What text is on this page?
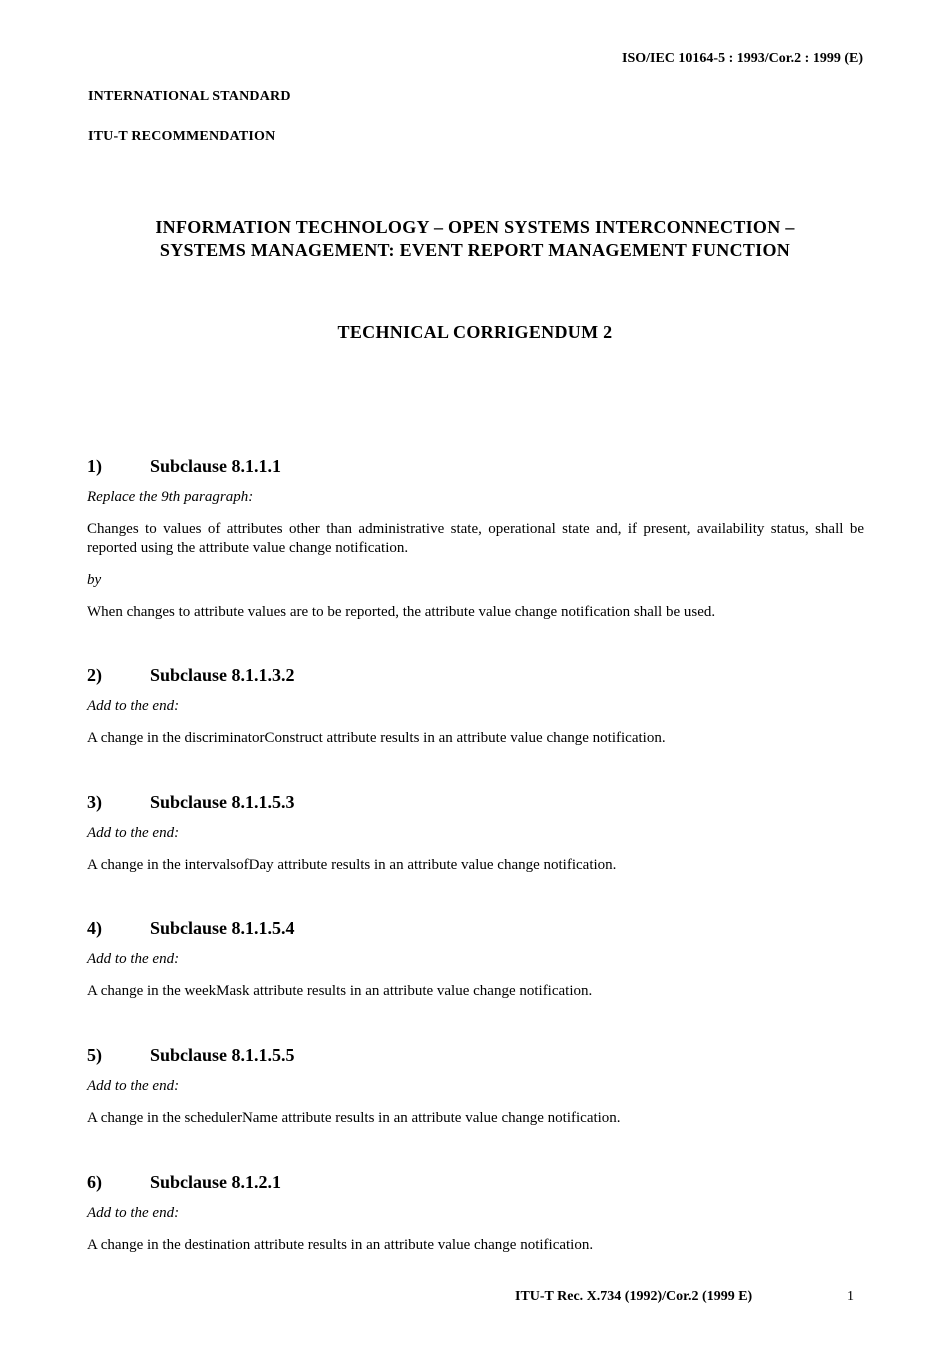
ISO/IEC 10164-5 : 1993/Cor.2 : 1999 (E)
INTERNATIONAL STANDARD
ITU-T RECOMMENDATION
INFORMATION TECHNOLOGY – OPEN SYSTEMS INTERCONNECTION –
SYSTEMS MANAGEMENT: EVENT REPORT MANAGEMENT FUNCTION
TECHNICAL CORRIGENDUM 2
1)	Subclause 8.1.1.1
Replace the 9th paragraph:
Changes to values of attributes other than administrative state, operational state and, if present, availability status, shall be reported using the attribute value change notification.
by
When changes to attribute values are to be reported, the attribute value change notification shall be used.
2)	Subclause 8.1.1.3.2
Add to the end:
A change in the discriminatorConstruct attribute results in an attribute value change notification.
3)	Subclause 8.1.1.5.3
Add to the end:
A change in the intervalsofDay attribute results in an attribute value change notification.
4)	Subclause 8.1.1.5.4
Add to the end:
A change in the weekMask attribute results in an attribute value change notification.
5)	Subclause 8.1.1.5.5
Add to the end:
A change in the schedulerName attribute results in an attribute value change notification.
6)	Subclause 8.1.2.1
Add to the end:
A change in the destination attribute results in an attribute value change notification.
ITU-T Rec. X.734 (1992)/Cor.2 (1999 E)	1
